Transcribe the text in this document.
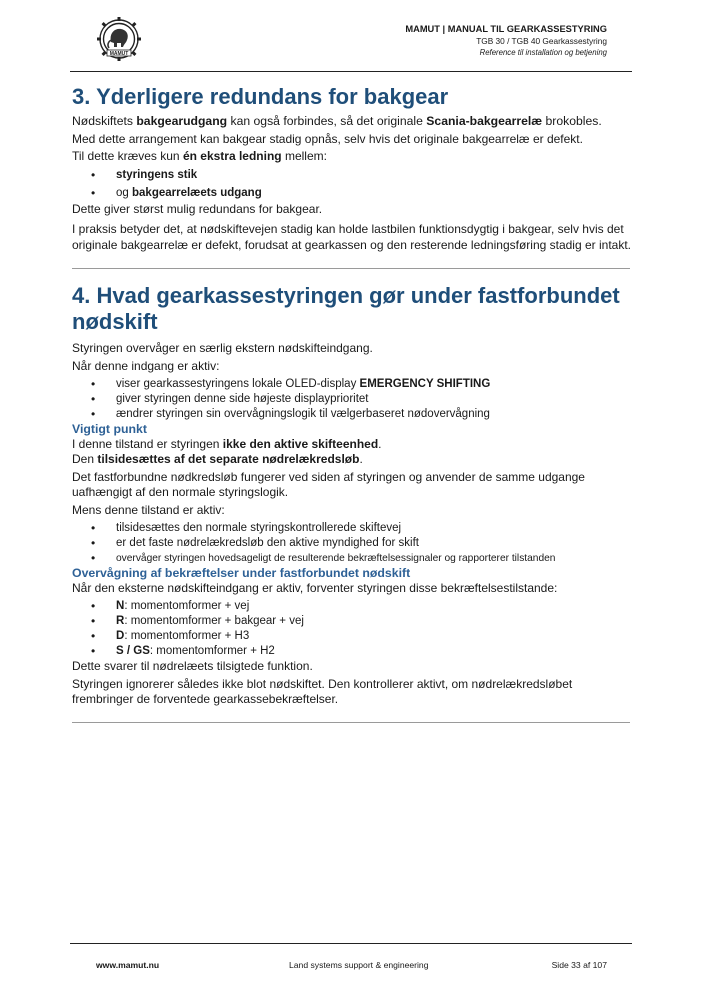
MAMUT
MAMUT | MANUAL TIL GEARKASSESTYRING
TGB 30 / TGB 40 Gearkassestyring
Reference til installation og betjening
3. Yderligere redundans for bakgear

Nødskiftets bakgearudgang kan også forbindes, så det originale Scania-bakgearrelæ brokobles.

Med dette arrangement kan bakgear stadig opnås, selv hvis det originale bakgearrelæ er defekt.

Til dette kræves kun én ekstra ledning mellem:

• styringens stik
• og bakgearrelæets udgang

Dette giver størst mulig redundans for bakgear.

I praksis betyder det, at nødskiftevejen stadig kan holde lastbilen funktionsdygtig i bakgear, selv hvis det originale bakgearrelæ er defekt, forudsat at gearkassen og den resterende ledningsføring stadig er intakt.

4. Hvad gearkassestyringen gør under fastforbundet nødskift

Styringen overvåger en særlig ekstern nødskifteindgang.

Når denne indgang er aktiv:

• viser gearkassestyringens lokale OLED-display EMERGENCY SHIFTING
• giver styringen denne side højeste displayprioritet
• ændrer styringen sin overvågningslogik til vælgerbaseret nødovervågning

Vigtigt punkt

I denne tilstand er styringen ikke den aktive skifteenhed.

Den tilsidesættes af det separate nødrelækredsløb.

Det fastforbundne nødkredsløb fungerer ved siden af styringen og anvender de samme udgange uafhængigt af den normale styringslogik.

Mens denne tilstand er aktiv:

• tilsidesættes den normale styringskontrollerede skiftevej
• er det faste nødrelækredsløb den aktive myndighed for skift
• overvåger styringen hovedsageligt de resulterende bekræftelsessignaler og rapporterer tilstanden

Overvågning af bekræftelser under fastforbundet nødskift

Når den eksterne nødskifteindgang er aktiv, forventer styringen disse bekræftelsestilstande:

• N: momentomformer + vej
• R: momentomformer + bakgear + vej
• D: momentomformer + H3
• S / GS: momentomformer + H2

Dette svarer til nødrelæets tilsigtede funktion.

Styringen ignorerer således ikke blot nødskiftet. Den kontrollerer aktivt, om nødrelækredsløbet frembringer de forventede gearkassebekræftelser.

www.mamut.nu	Land systems support & engineering	Side 33 af 107
